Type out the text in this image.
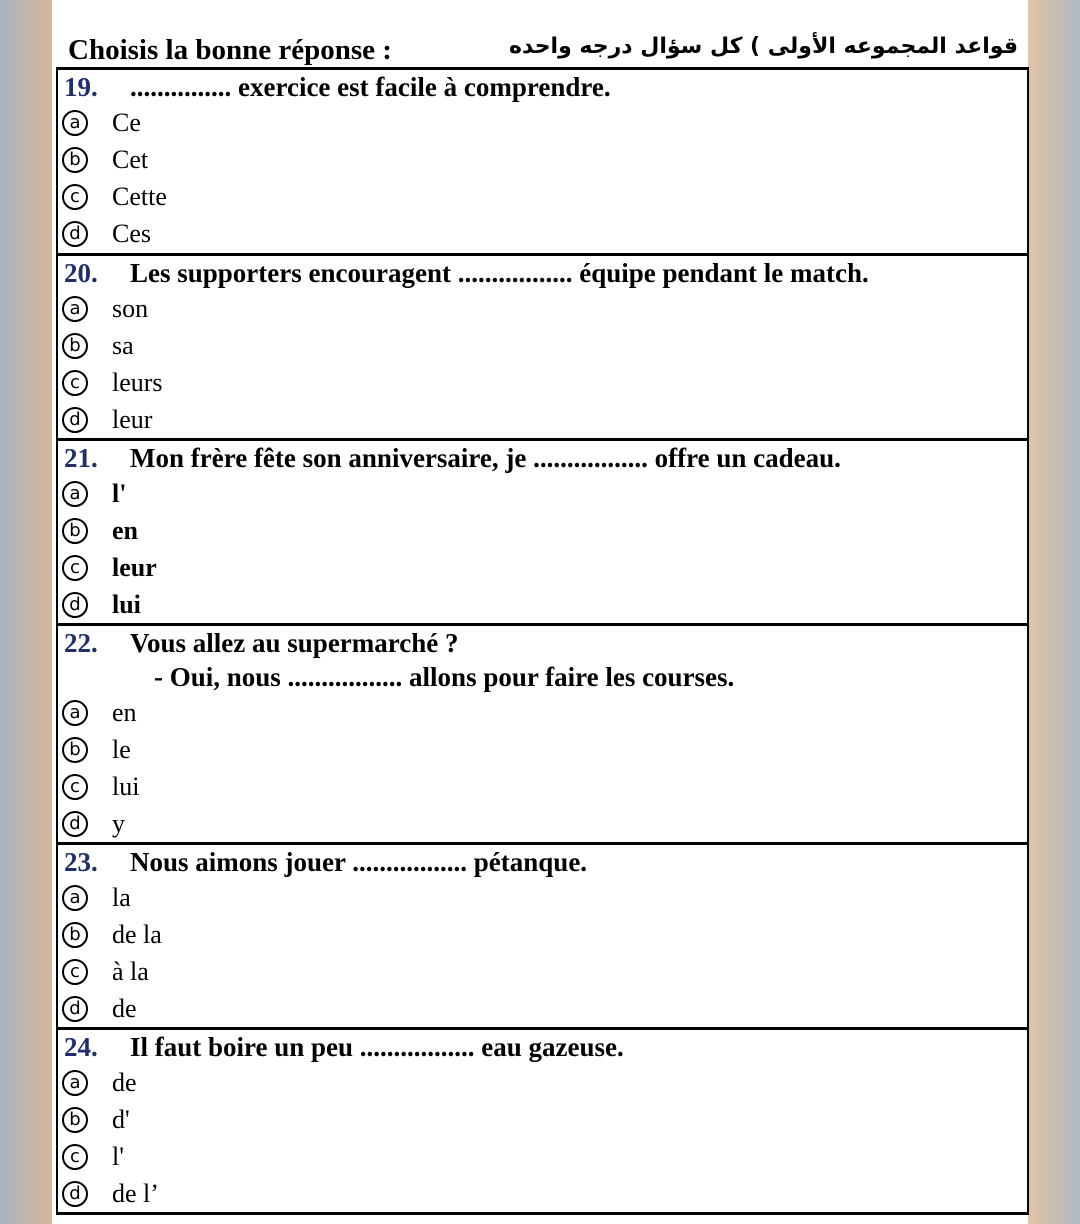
Choisis la bonne réponse :	قواعد المجموعه الأولى ) كل سؤال درجه واحده
19.	............... exercice est facile à comprendre.
a Ce
b Cet
c	Cette
d Ces
20.	Les supporters encouragent ................. équipe pendant le match.
a son
b sa
c	leurs
d leur
21.	Mon frère fête son anniversaire, je ................. offre un cadeau.
a l'
b en
c	leur
d lui
22.	Vous allez au supermarché ?
- Oui, nous ................. allons pour faire les courses.
a en
b le
c	lui
d y
23.	Nous aimons jouer ................. pétanque.
a la
b de la
c	à la
d de
24.	Il faut boire un peu ................. eau gazeuse.
a de
b d'
c	l'
d de l’
